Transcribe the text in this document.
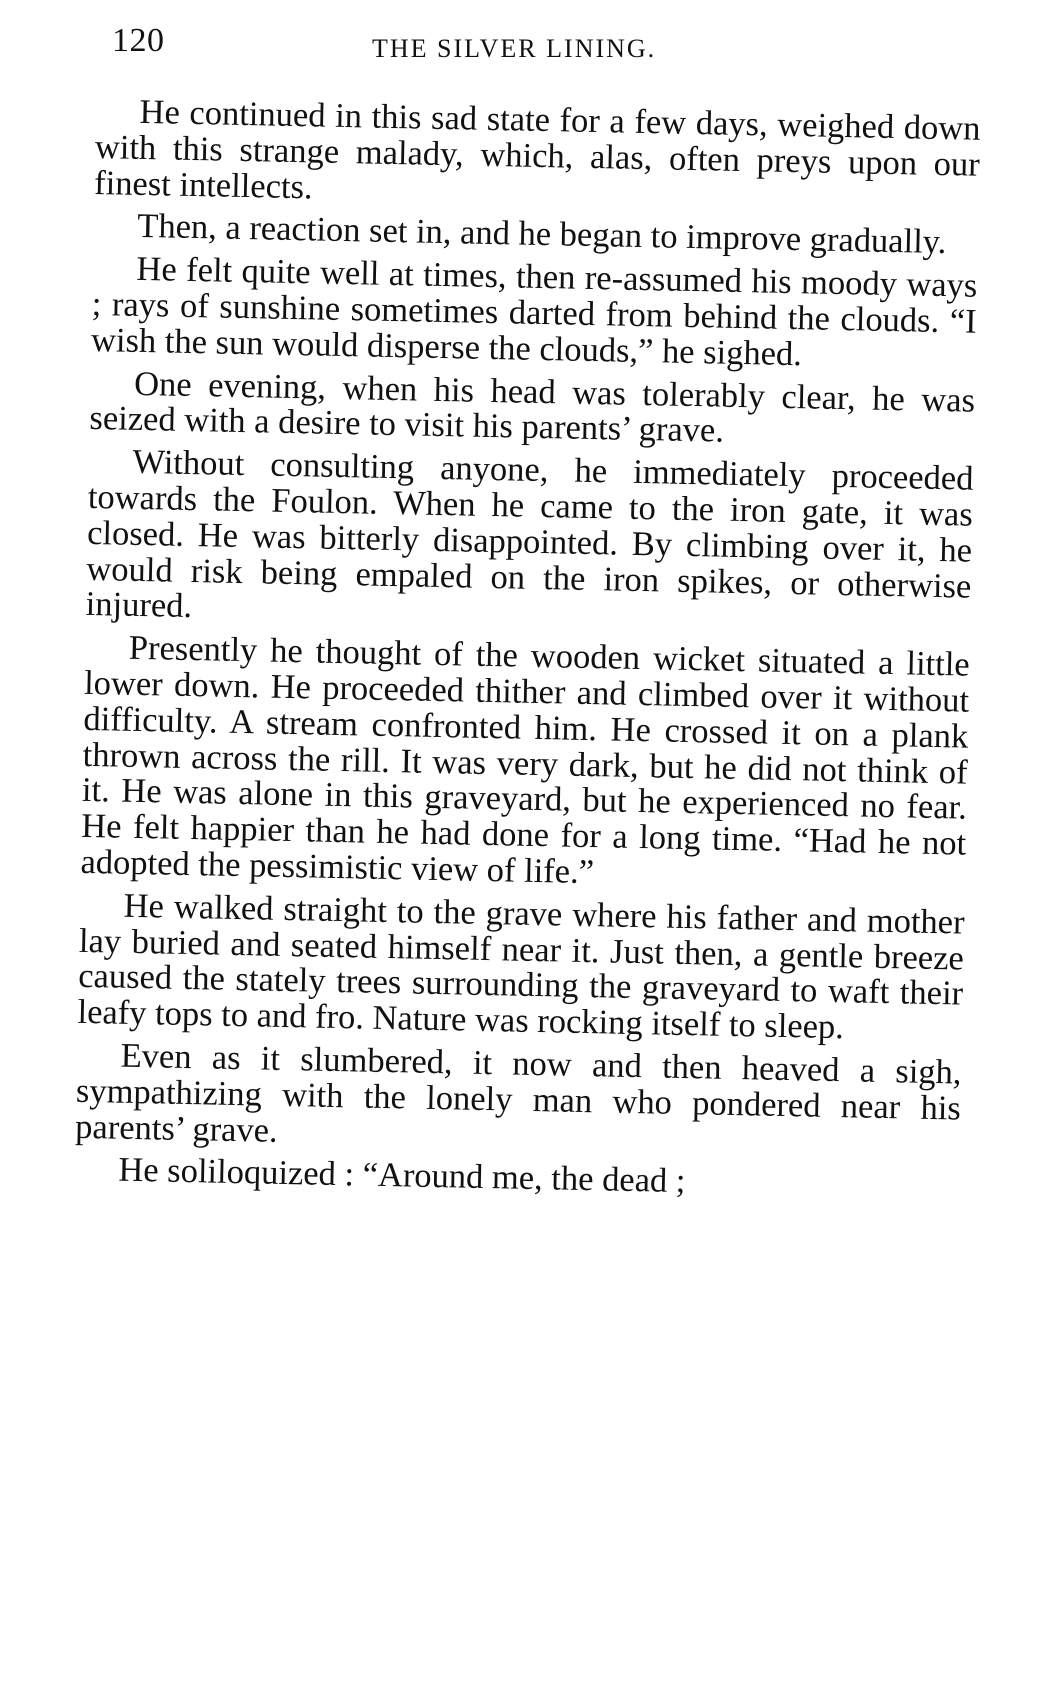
120	THE SILVER LINING.

He continued in this sad state for a few days, weighed down with this strange malady, which, alas, often preys upon our finest intellects.

Then, a reaction set in, and he began to improve gradually.

He felt quite well at times, then re-assumed his moody ways ; rays of sunshine sometimes darted from behind the clouds. “I wish the sun would disperse the clouds,” he sighed.

One evening, when his head was tolerably clear, he was seized with a desire to visit his parents’ grave.

Without consulting anyone, he immediately proceeded towards the Foulon. When he came to the iron gate, it was closed. He was bitterly disappointed. By climbing over it, he would risk being empaled on the iron spikes, or otherwise injured.

Presently he thought of the wooden wicket situated a little lower down. He proceeded thither and climbed over it without difficulty. A stream confronted him. He crossed it on a plank thrown across the rill. It was very dark, but he did not think of it. He was alone in this graveyard, but he experienced no fear. He felt happier than he had done for a long time. “Had he not adopted the pessimistic view of life.”

He walked straight to the grave where his father and mother lay buried and seated himself near it. Just then, a gentle breeze caused the stately trees surrounding the graveyard to waft their leafy tops to and fro. Nature was rocking itself to sleep.

Even as it slumbered, it now and then heaved a sigh, sympathizing with the lonely man who pondered near his parents’ grave.

He soliloquized : “Around me, the dead ;
